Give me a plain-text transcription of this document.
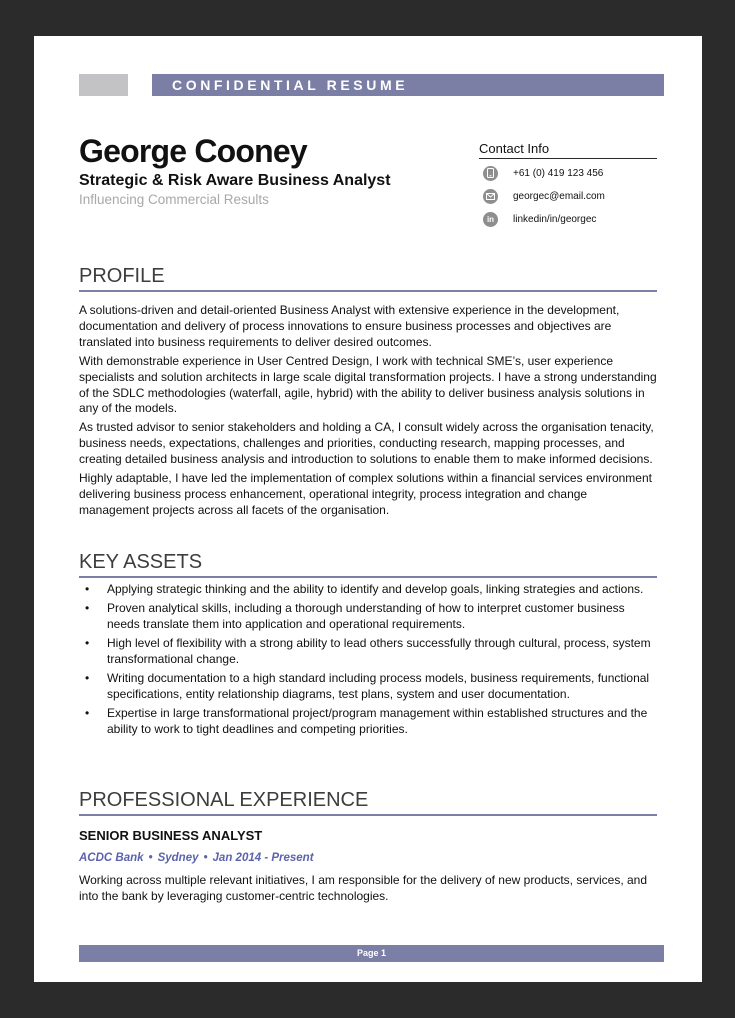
CONFIDENTIAL RESUME
George Cooney
Strategic & Risk Aware Business Analyst
Influencing Commercial Results
Contact Info
+61 (0) 419 123 456
georgec@email.com
in	linkedin/in/georgec
PROFILE

A solutions-driven and detail-oriented Business Analyst with extensive experience in the development, documentation and delivery of process innovations to ensure business processes and objectives are translated into business requirements to deliver desired outcomes.

With demonstrable experience in User Centred Design, I work with technical SME’s, user experience specialists and solution architects in large scale digital transformation projects. I have a strong understanding of the SDLC methodologies (waterfall, agile, hybrid) with the ability to deliver business analysis solutions in any of the models.

As trusted advisor to senior stakeholders and holding a CA, I consult widely across the organisation tenacity, business needs, expectations, challenges and priorities, conducting research, mapping processes, and creating detailed business analysis and introduction to solutions to enable them to make informed decisions.

Highly adaptable, I have led the implementation of complex solutions within a financial services environment delivering business process enhancement, operational integrity, process integration and change management projects across all facets of the organisation.

KEY ASSETS
• Applying strategic thinking and the ability to identify and develop goals, linking strategies and actions.
• Proven analytical skills, including a thorough understanding of how to interpret customer business needs translate them into application and operational requirements.
• High level of flexibility with a strong ability to lead others successfully through cultural, process, system transformational change.
• Writing documentation to a high standard including process models, business requirements, functional specifications, entity relationship diagrams, test plans, system and user documentation.
• Expertise in large transformational project/program management within established structures and the ability to work to tight deadlines and competing priorities.
PROFESSIONAL EXPERIENCE
SENIOR BUSINESS ANALYST
ACDC Bank • Sydney • Jan 2014 - Present

Working across multiple relevant initiatives, I am responsible for the delivery of new products, services, and into the bank by leveraging customer-centric technologies.

Page 1
